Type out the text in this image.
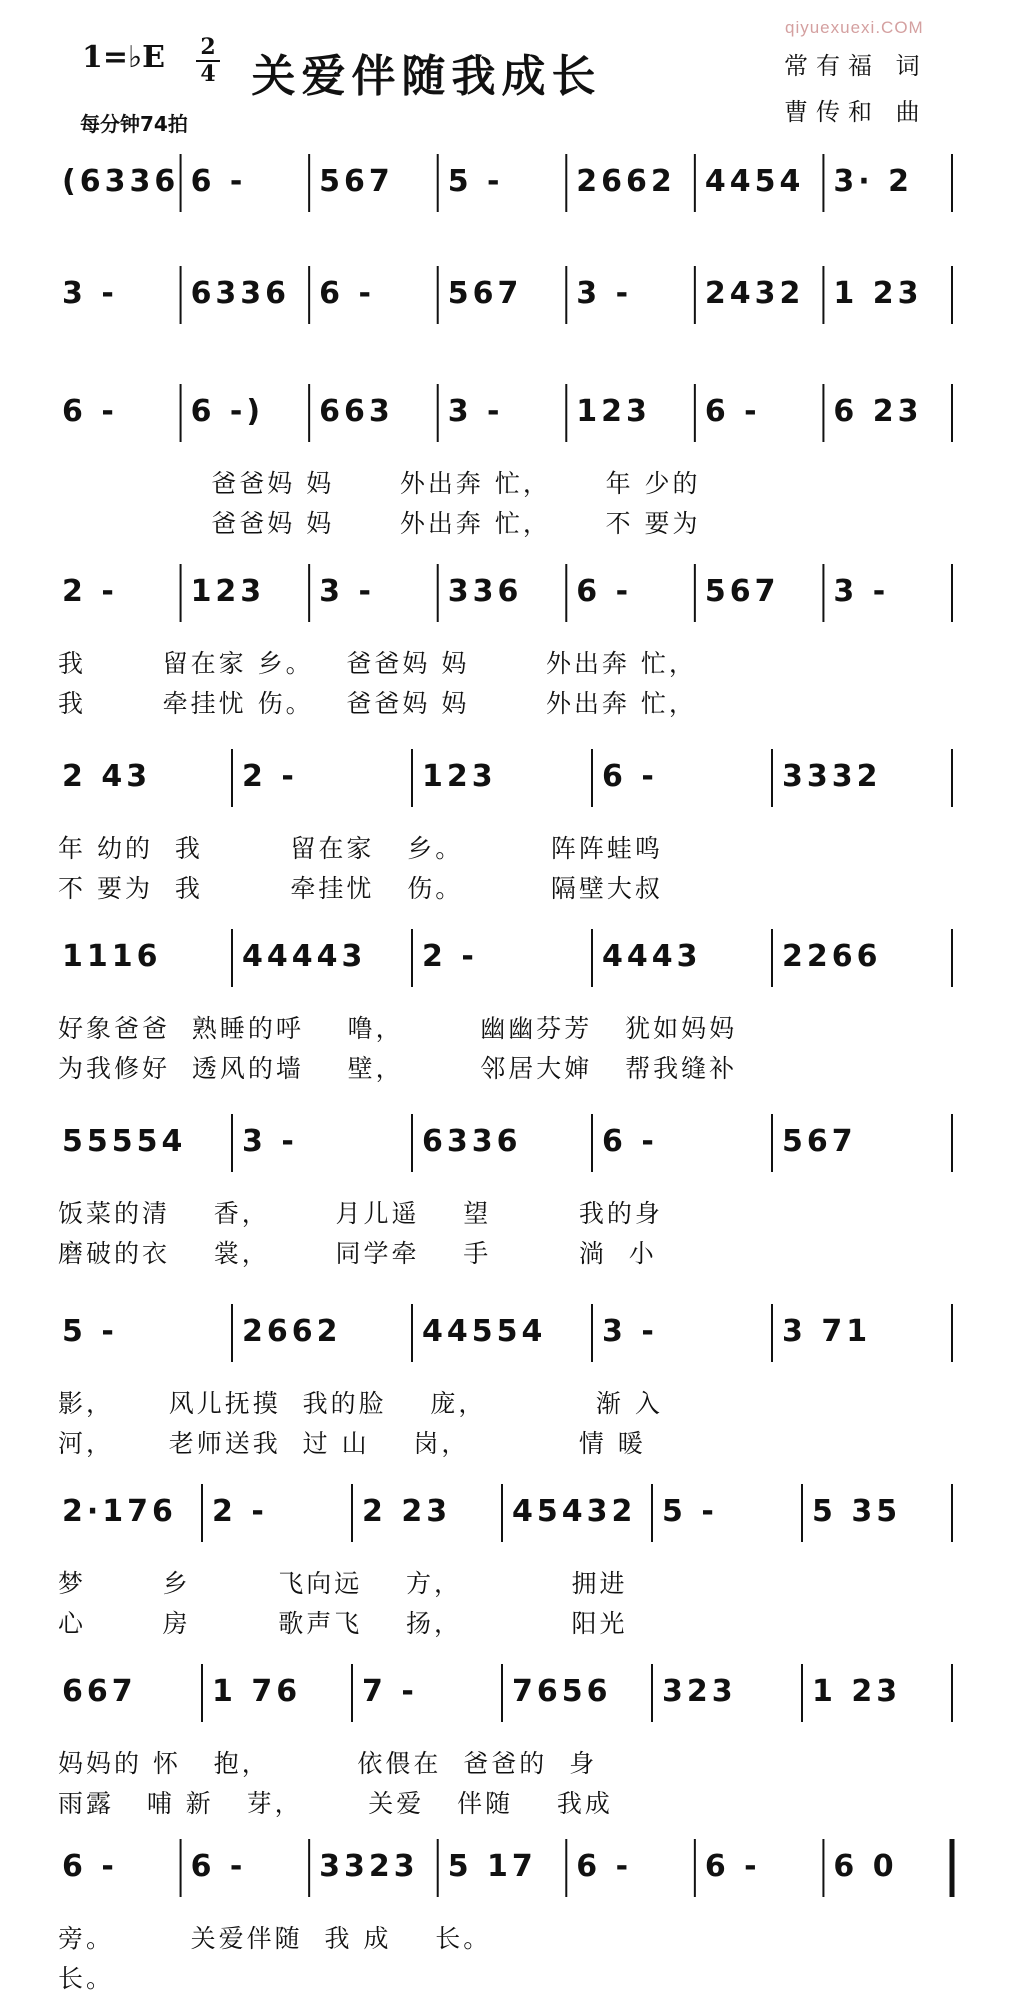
qiyuexuexi.COM
1=♭E 2
4 关爱伴随我成长
每分钟74拍
常有福 词
曹传和 曲
(6336 6 - 567 5 - 2662 4454 3· 2
3 - 6336 6 - 567 3 - 2432 1 23
6 - 6 -) 663 3 - 123 6 - 6 23
爸爸妈 妈      外出奔 忙，     年 少的
爸爸妈 妈      外出奔 忙，     不 要为
2 - 123 3 - 336 6 - 567 3 -
我       留在家 乡。   爸爸妈 妈       外出奔 忙，
我       牵挂忧 伤。   爸爸妈 妈       外出奔 忙，
2 43	2 -	123	6 -	3332
年 幼的  我        留在家   乡。        阵阵蛙鸣
不 要为  我        牵挂忧   伤。        隔壁大叔
1116	44443 2 -	4443	2266
好象爸爸  熟睡的呼    噜，       幽幽芬芳   犹如妈妈
为我修好  透风的墙    壁，       邻居大婶   帮我缝补
55554 3 -	6336	6 -	567
饭菜的清    香，      月儿遥    望        我的身
磨破的衣    裳，      同学牵    手        淌  小
5 -	2662	44554 3 -	3 71
影，     风儿抚摸  我的脸    庞，          渐 入
河，     老师送我  过 山    岗，          情 暖
2·176 2 -	2 23 45432 5 -	5 35
梦       乡        飞向远    方，          拥进
心       房        歌声飞    扬，          阳光
667	1 76 7 -	7656 323	1 23
妈妈的 怀   抱，        依偎在  爸爸的  身
雨露   哺 新   芽，      关爱   伴随    我成
6 - 6 - 3323 5 17 6 - 6 - 6 0
旁。       关爱伴随  我 成    长。
长。
